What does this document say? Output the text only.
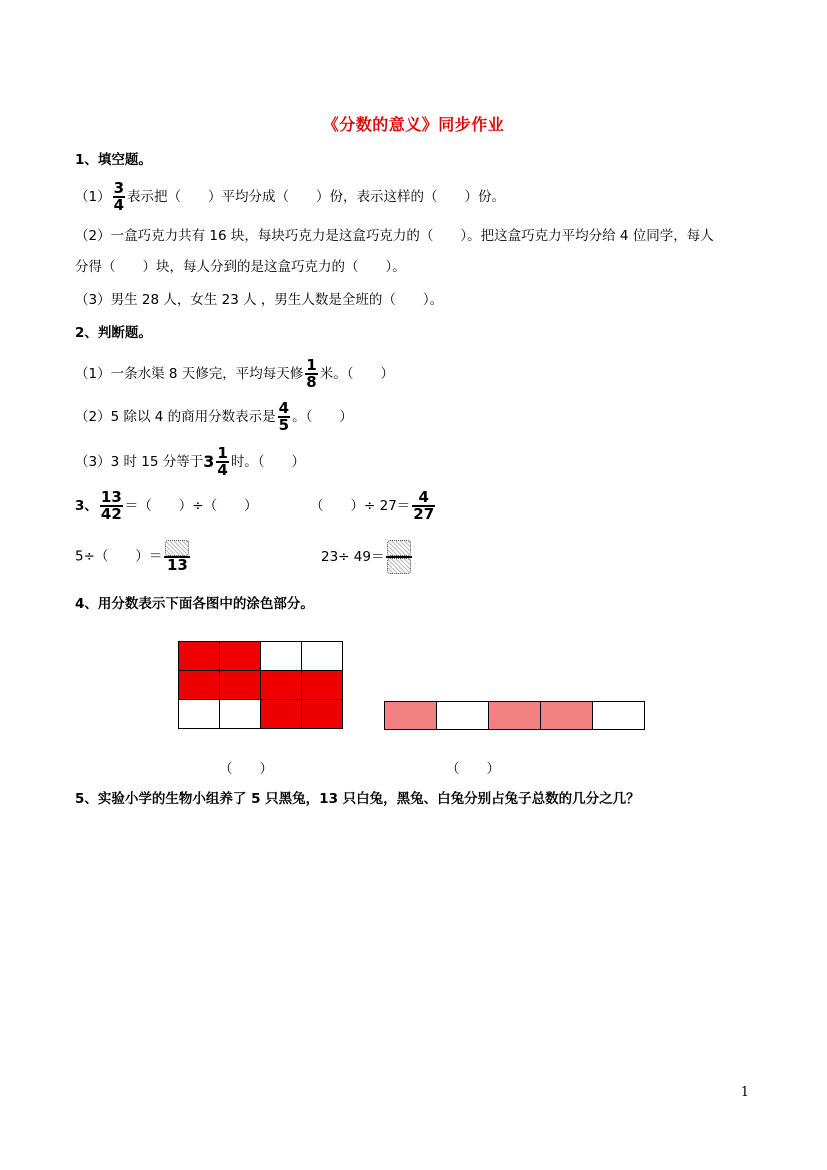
《分数的意义》同步作业
1、填空题。
$(1) \frac{3}{4}$ 表示把（　　）平均分成（　　）份，表示这样的（　　）份。
（2）一盒巧克力共有 16 块，每块巧克力是这盒巧克力的（　　）。把这盒巧克力平均分给 4 位同学，每人
分得（　　）块，每人分到的是这盒巧克力的（　　）。
（3）男生 28 人，女生 23 人 ，男生人数是全班的（　　）。
2、判断题。
（1）一条水渠 8 天修完，平均每天修 $\frac{1}{8}$ 米。（　　）
（2）5 除以 4 的商用分数表示是 $\frac{4}{5}$ 。（　　）
（3）3 时 15 分等于$3 \frac{1}{4}$ 时。（　　）
3、 $\frac{13}{42}$ ＝（　　）÷（　　）	（　　）÷ $27= \frac{4}{27}$
5÷（　　）＝ 13	23÷ 49＝
4、用分数表示下面各图中的涂色部分。

（　　）	（　　）
5、实验小学的生物小组养了 5 只黑兔，13 只白兔，黑兔、白兔分别占兔子总数的几分之几？
1
